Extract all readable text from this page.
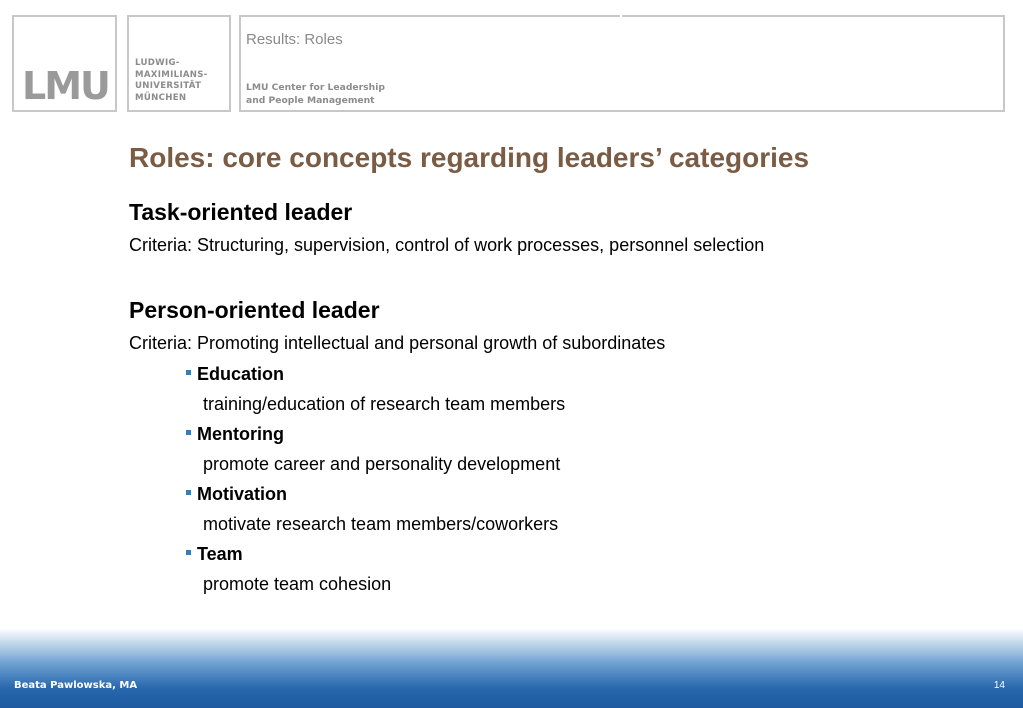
LMU
LUDWIG-
MAXIMILIANS-
UNIVERSITÄT
MÜNCHEN
Results: Roles
LMU Center for Leadership
and People Management
Roles: core concepts regarding leaders’ categories
Task-oriented leader
Criteria: Structuring, supervision, control of work processes, personnel selection
Person-oriented leader
Criteria: Promoting intellectual and personal growth of subordinates
Education
training/education of research team members
Mentoring
promote career and personality development
Motivation
motivate research team members/coworkers
Team
promote team cohesion
Beata Pawlowska, MA	14
